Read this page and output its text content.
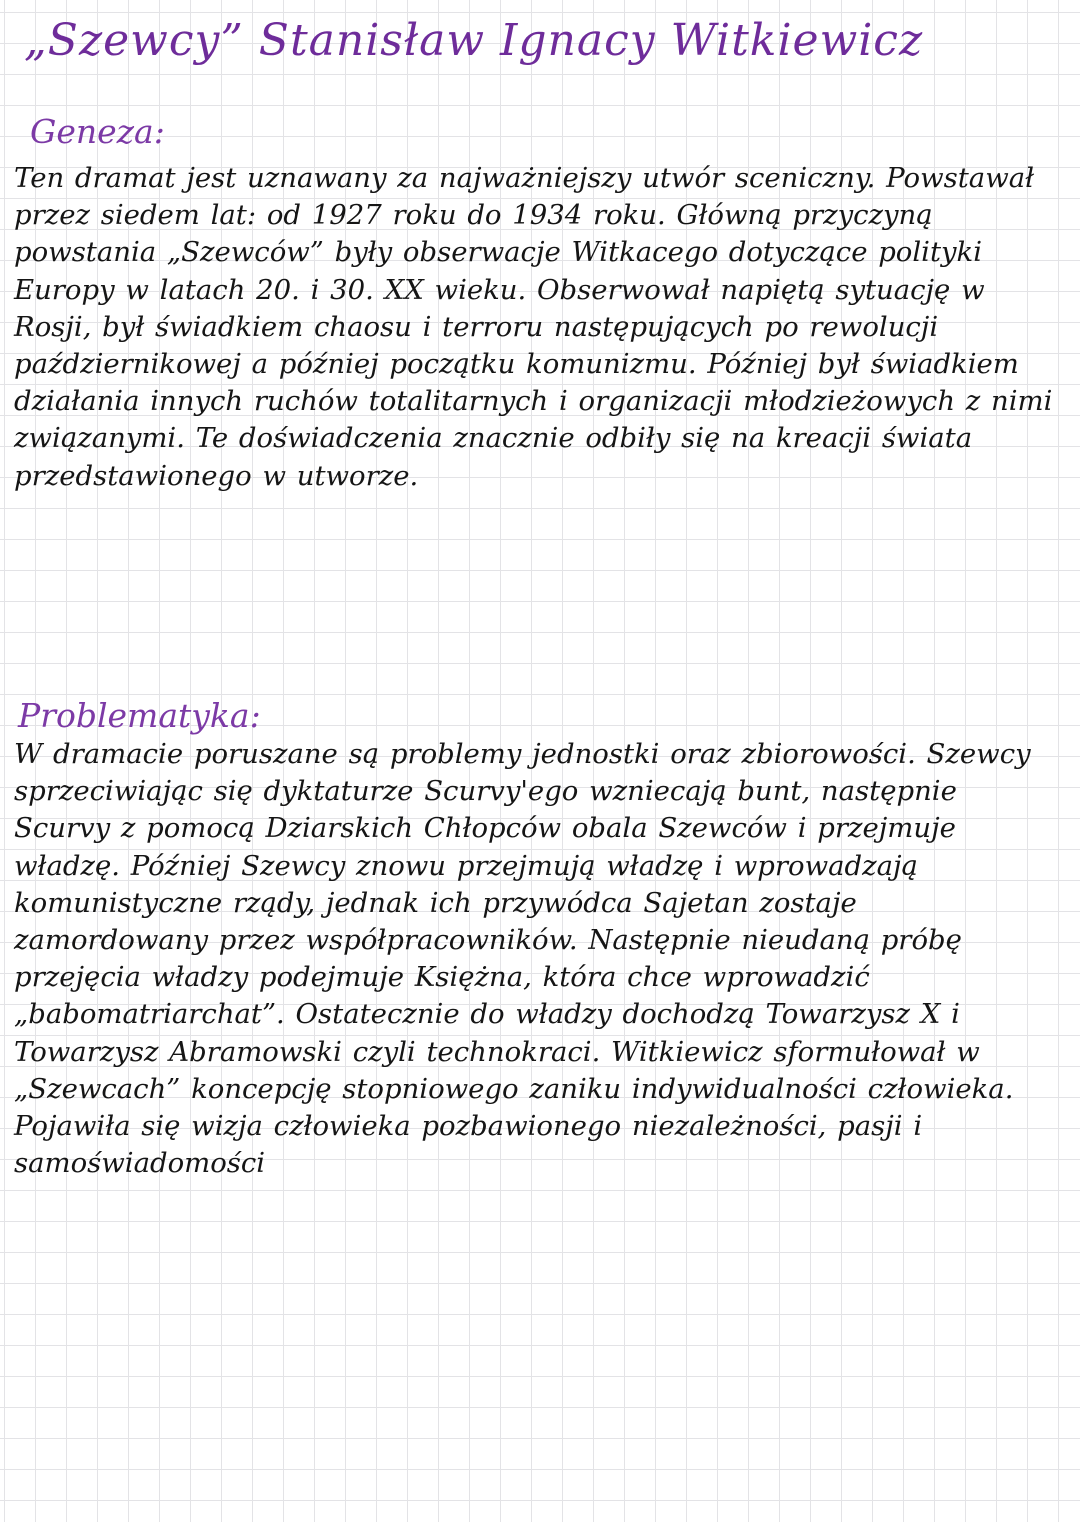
„Szewcy” Stanisław Ignacy Witkiewicz
Geneza:

Ten dramat jest uznawany za najważniejszy utwór sceniczny. Powstawał przez siedem lat: od 1927 roku do 1934 roku. Główną przyczyną powstania „Szewców” były obserwacje Witkacego dotyczące polityki Europy w latach 20. i 30. XX wieku. Obserwował napiętą sytuację w Rosji, był świadkiem chaosu i terroru następujących po rewolucji październikowej a później początku komunizmu. Później był świadkiem działania innych ruchów totalitarnych i organizacji młodzieżowych z nimi związanymi. Te doświadczenia znacznie odbiły się na kreacji świata przedstawionego w utworze.

Problematyka:

W dramacie poruszane są problemy jednostki oraz zbiorowości. Szewcy sprzeciwiając się dyktaturze Scurvy'ego wzniecają bunt, następnie Scurvy z pomocą Dziarskich Chłopców obala Szewców i przejmuje władzę. Później Szewcy znowu przejmują władzę i wprowadzają komunistyczne rządy, jednak ich przywódca Sajetan zostaje zamordowany przez współpracowników. Następnie nieudaną próbę przejęcia władzy podejmuje Księżna, która chce wprowadzić „babomatriarchat”. Ostatecznie do władzy dochodzą Towarzysz X i Towarzysz Abramowski czyli technokraci. Witkiewicz sformułował w „Szewcach” koncepcję stopniowego zaniku indywidualności człowieka. Pojawiła się wizja człowieka pozbawionego niezależności, pasji i samoświadomości
